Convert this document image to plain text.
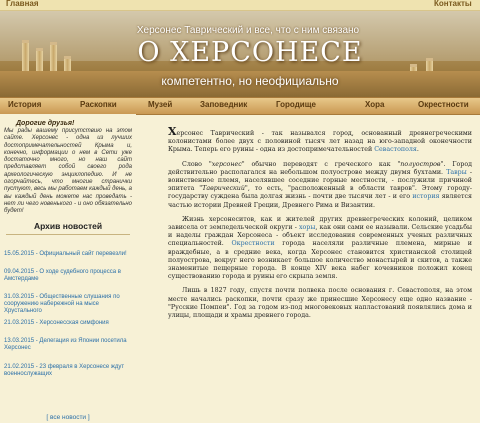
Главная	Контакты
Херсонес Таврический и все, что с ним связано
О ХЕРСОНЕСЕ
компетентно, но неофициально
История	Раскопки	Музей	Заповедник	Городище	Хора	Окрестности
Дорогие друзья!
Мы рады вашему присутствию на этом сайте. Херсонес - одна из лучших достопримечательностей Крыма и, конечно, информации о нем в Сети уже достаточно много, но наш сайт представляет собой своего рода археологическую энциклопедию. И не огорчайтесь, что многие странички пустуют, весь мы работаем каждый день, а вы каждый день можете нас проведать - нет ли чего новенького - и оно обязательно будет!
Архив новостей
15.05.2015 - Официальный сайт перевезли!
09.04.2015 - О ходе судебного процесса в Амстердаме
31.03.2015 - Общественные слушания по сооружению набережной на мысе Хрустального
21.03.2015 - Херсонесская симфония
13.03.2015 - Делегация из Японии посетила Херсонес
21.02.2015 - 23 февраля в Херсонесе ждут военнослужащих
[ все новости ]

Херсонес Таврический - так назывался город, основанный древнегреческими колонистами более двух с половиной тысяч лет назад на юго-западной оконечности Крыма. Теперь его руины - одна из достопримечательностей Севастополя.

Слово "херсонес" обычно переводят с греческого как "полуостров". Город действительно располагался на небольшом полуострове между двумя бухтами. Тавры - воинственное племя, населявшее соседние горные местности, - послужили причиной эпитета "Таврический", то есть, "расположенный в области тавров". Этому городу-государству суждена была долгая жизнь - почти две тысячи лет - и его история является частью истории Древней Греции, Древнего Рима и Византии.

Жизнь херсонеситов, как и жителей других древнегреческих колоний, целиком зависела от земледельческой округи - хоры, как они сами ее называли. Сельские усадьбы и наделы граждан Херсонеса - объект исследования современных ученых различных специальностей. Окрестности города населяли различные племена, мирные и враждебные, а в средние века, когда Херсонес становится христианской столицей полуострова, вокруг него возникает большое количество монастырей и скитов, а также знаменитые пещерные города. В конце XIV века набег кочевников положил конец существованию города и руины его скрыла земля.

Лишь в 1827 году, спустя почти полвека после основания г. Севастополя, на этом месте начались раскопки, почти сразу же принесшие Херсонесу еще одно название - "Русские Помпеи". Год за годом из-под многовековых напластований появлялись дома и улицы, площади и храмы древнего города.
